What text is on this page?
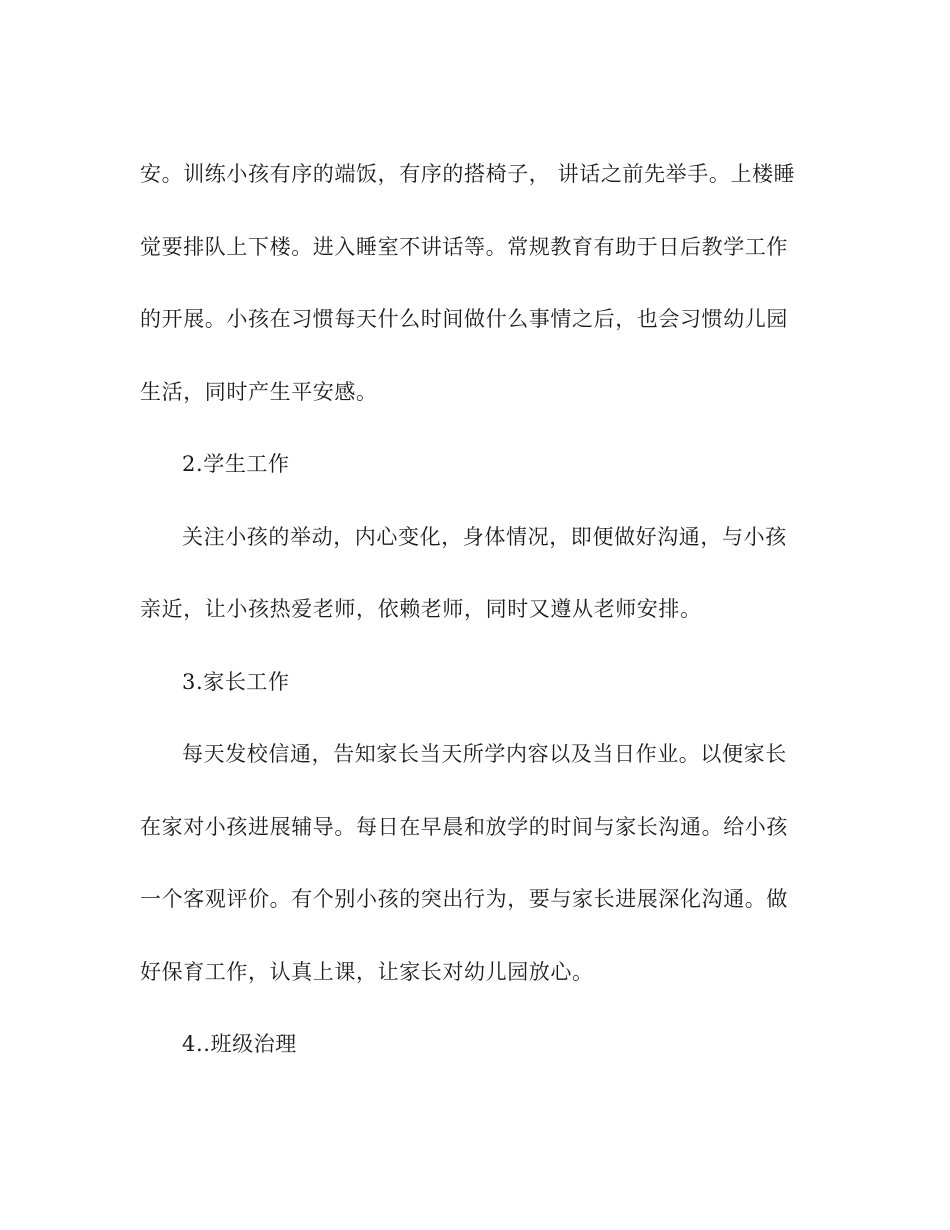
安。训练小孩有序的端饭，有序的搭椅子， 讲话之前先举手。上楼睡
觉要排队上下楼。进入睡室不讲话等。常规教育有助于日后教学工作
的开展。小孩在习惯每天什么时间做什么事情之后，也会习惯幼儿园
生活，同时产生平安感。
2.学生工作
关注小孩的举动，内心变化，身体情况，即便做好沟通，与小孩
亲近，让小孩热爱老师，依赖老师，同时又遵从老师安排。
3.家长工作
每天发校信通，告知家长当天所学内容以及当日作业。以便家长
在家对小孩进展辅导。每日在早晨和放学的时间与家长沟通。给小孩
一个客观评价。有个别小孩的突出行为，要与家长进展深化沟通。做
好保育工作，认真上课，让家长对幼儿园放心。
4..班级治理
